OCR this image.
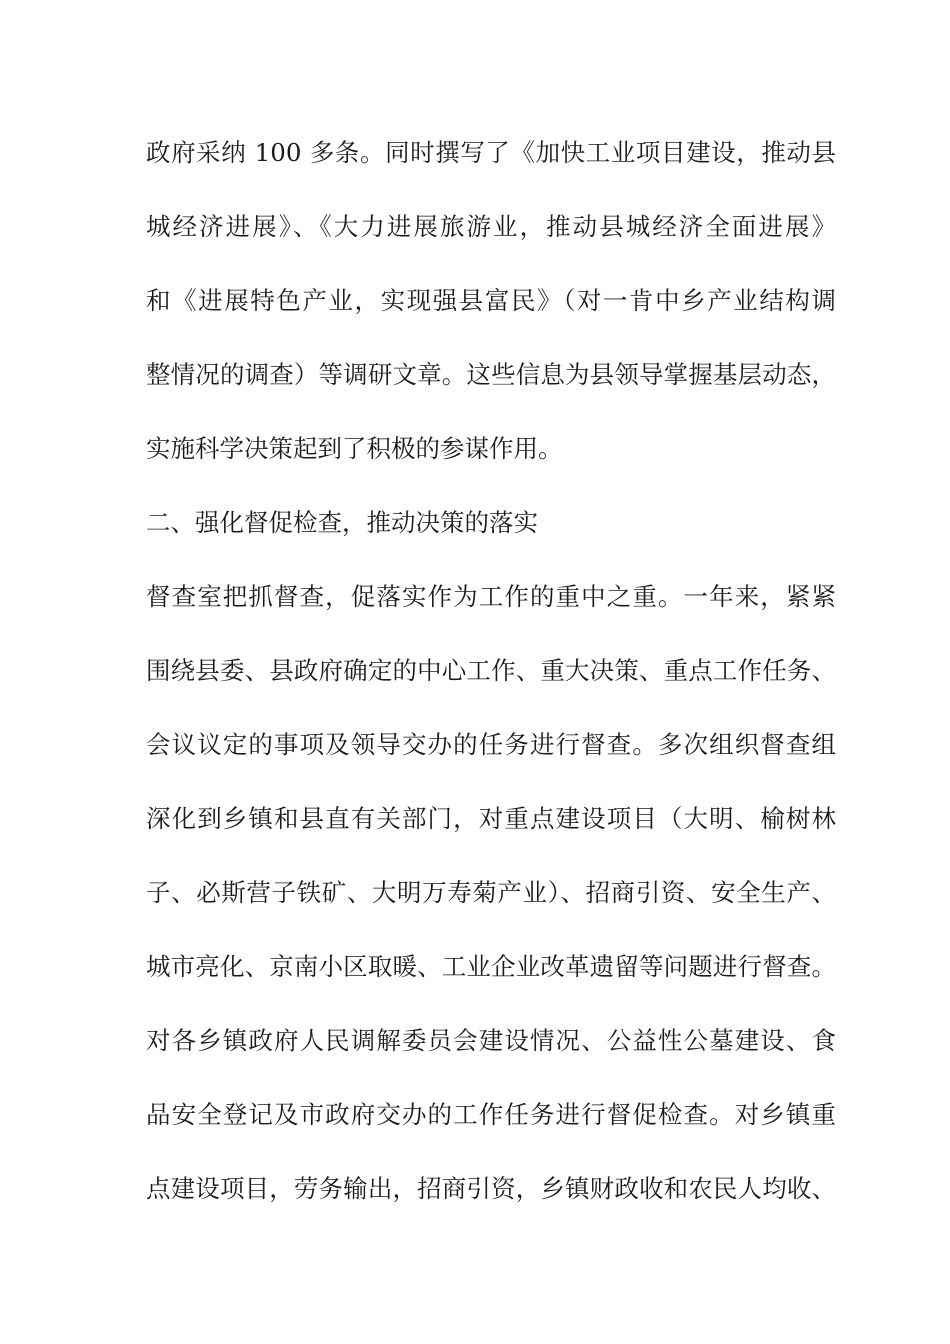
政府采纳 100 多条。同时撰写了《加快工业项目建设，推动县
城经济进展》、《大力进展旅游业，推动县城经济全面进展》
和《进展特色产业，实现强县富民》（对一肯中乡产业结构调
整情况的调查）等调研文章。这些信息为县领导掌握基层动态，
实施科学决策起到了积极的参谋作用。
二、强化督促检查，推动决策的落实
督查室把抓督查，促落实作为工作的重中之重。一年来，紧紧
围绕县委、县政府确定的中心工作、重大决策、重点工作任务、
会议议定的事项及领导交办的任务进行督查。多次组织督查组
深化到乡镇和县直有关部门，对重点建设项目（大明、榆树林
子、必斯营子铁矿、大明万寿菊产业）、招商引资、安全生产、
城市亮化、京南小区取暖、工业企业改革遗留等问题进行督查。
对各乡镇政府人民调解委员会建设情况、公益性公墓建设、食
品安全登记及市政府交办的工作任务进行督促检查。对乡镇重
点建设项目，劳务输出，招商引资，乡镇财政收和农民人均收、
